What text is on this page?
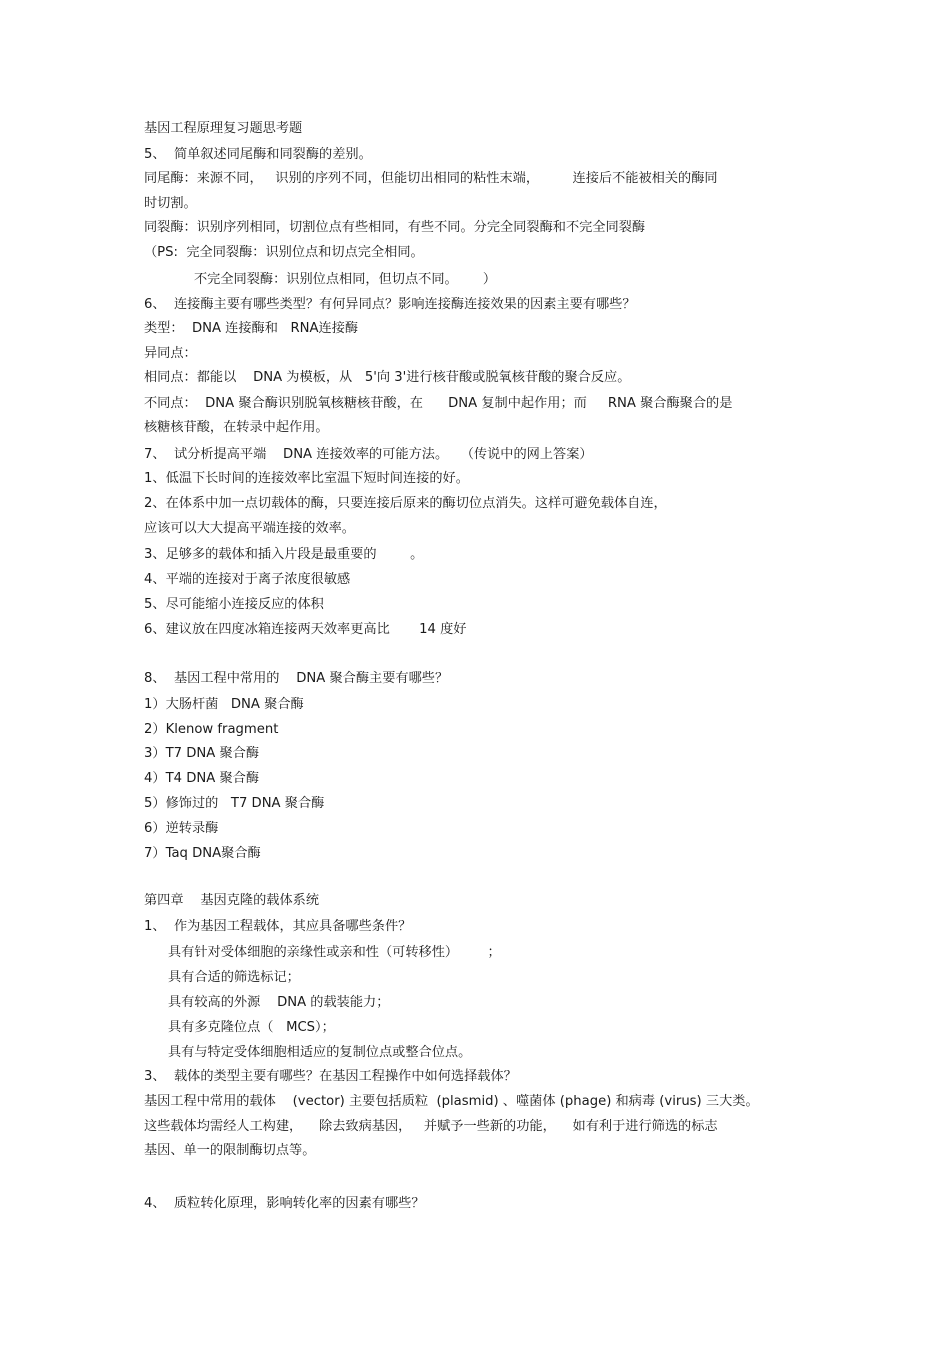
基因工程原理复习题思考题
5、  简单叙述同尾酶和同裂酶的差别。
同尾酶：来源不同，   识别的序列不同，但能切出相同的粘性末端，        连接后不能被相关的酶同
时切割。
同裂酶：识别序列相同，切割位点有些相同，有些不同。分完全同裂酶和不完全同裂酶
（PS:  完全同裂酶：识别位点和切点完全相同。
不完全同裂酶：识别位点相同，但切点不同。      ）
6、  连接酶主要有哪些类型？有何异同点？影响连接酶连接效果的因素主要有哪些？
类型：  DNA 连接酶和   RNA连接酶
异同点：
相同点：都能以    DNA 为模板，从   5'向 3'进行核苷酸或脱氧核苷酸的聚合反应。
不同点：  DNA 聚合酶识别脱氧核糖核苷酸，在      DNA 复制中起作用；而     RNA 聚合酶聚合的是
核糖核苷酸，在转录中起作用。
7、  试分析提高平端    DNA 连接效率的可能方法。   （传说中的网上答案）
1、低温下长时间的连接效率比室温下短时间连接的好。
2、在体系中加一点切载体的酶，只要连接后原来的酶切位点消失。这样可避免载体自连，
应该可以大大提高平端连接的效率。
3、足够多的载体和插入片段是最重要的        。
4、平端的连接对于离子浓度很敏感
5、尽可能缩小连接反应的体积
6、建议放在四度冰箱连接两天效率更高比       14 度好
8、  基因工程中常用的    DNA 聚合酶主要有哪些？
1）大肠杆菌   DNA 聚合酶
2）Klenow fragment
3）T7 DNA 聚合酶
4）T4 DNA 聚合酶
5）修饰过的   T7 DNA 聚合酶
6）逆转录酶
7）Taq DNA聚合酶
第四章    基因克隆的载体系统
1、  作为基因工程载体，其应具备哪些条件？
具有针对受体细胞的亲缘性或亲和性（可转移性）       ；
具有合适的筛选标记；
具有较高的外源    DNA 的载装能力；
具有多克隆位点（   MCS）；
具有与特定受体细胞相适应的复制位点或整合位点。
3、  载体的类型主要有哪些？在基因工程操作中如何选择载体？
基因工程中常用的载体    (vector) 主要包括质粒  (plasmid) 、噬菌体 (phage) 和病毒 (virus) 三大类。
这些载体均需经人工构建，    除去致病基因，   并赋予一些新的功能，    如有利于进行筛选的标志
基因、单一的限制酶切点等。
4、  质粒转化原理，影响转化率的因素有哪些？
